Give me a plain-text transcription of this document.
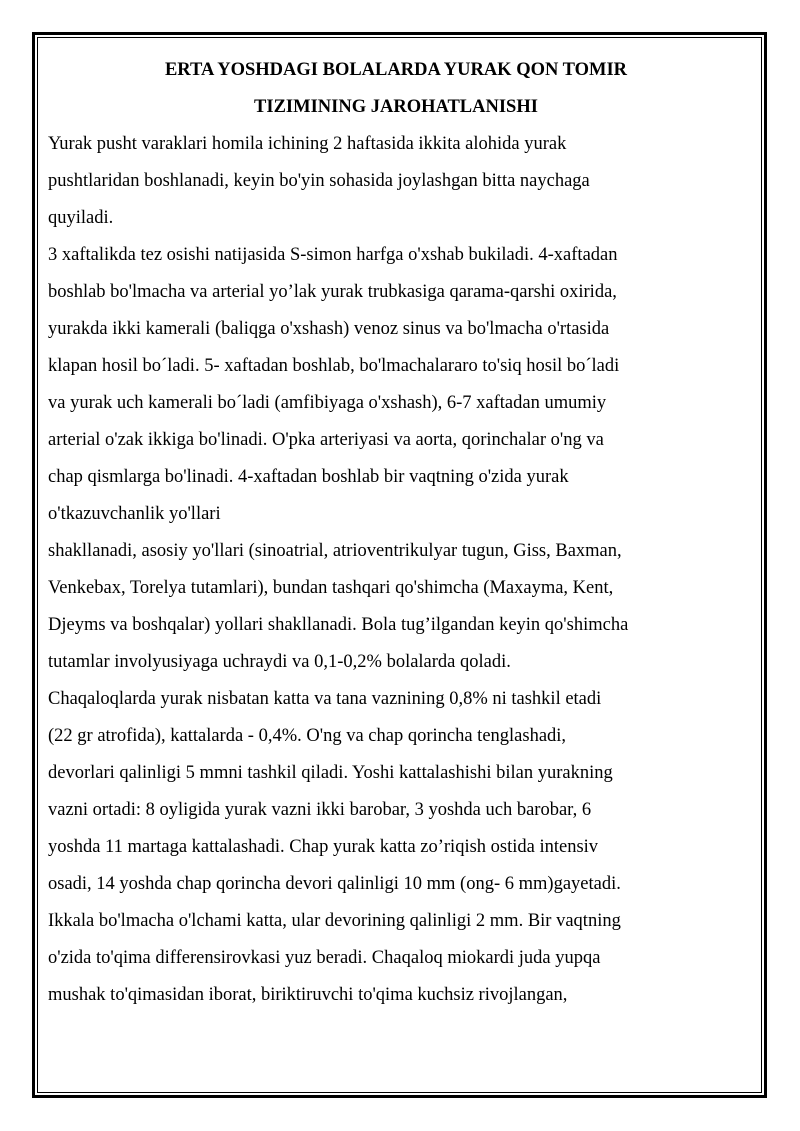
ERTA YOSHDAGI BOLALARDA YURAK QON TOMIR

TIZIMINING JAROHATLANISHI

Yurak pusht varaklari homila ichining 2 haftasida ikkita alohida yurak

pushtlaridan boshlanadi, keyin bo'yin sohasida joylashgan bitta naychaga

quyiladi.

3 xaftalikda tez osishi natijasida S-simon harfga o'xshab bukiladi. 4-xaftadan

boshlab bo'lmacha va arterial yo’lak yurak trubkasiga qarama-qarshi oxirida,

yurakda ikki kamerali (baliqga o'xshash) venoz sinus va bo'lmacha o'rtasida

klapan hosil bo´ladi. 5- xaftadan boshlab, bo'lmachalararo to'siq hosil bo´ladi

va yurak uch kamerali bo´ladi (amfibiyaga o'xshash), 6-7 xaftadan umumiy

arterial o'zak ikkiga bo'linadi. O'pka arteriyasi va aorta, qorinchalar o'ng va

chap qismlarga bo'linadi. 4-xaftadan boshlab bir vaqtning o'zida yurak

o'tkazuvchanlik yo'llari

shakllanadi, asosiy yo'llari (sinoatrial, atrioventrikulyar tugun, Giss, Baxman,

Venkebax, Torelya tutamlari), bundan tashqari qo'shimcha (Maxayma, Kent,

Djeyms va boshqalar) yollari shakllanadi. Bola tug’ilgandan keyin qo'shimcha

tutamlar involyusiyaga uchraydi va 0,1-0,2% bolalarda qoladi.

Chaqaloqlarda yurak nisbatan katta va tana vaznining 0,8% ni tashkil etadi

(22 gr atrofida), kattalarda - 0,4%. O'ng va chap qorincha tenglashadi,

devorlari qalinligi 5 mmni tashkil qiladi. Yoshi kattalashishi bilan yurakning

vazni ortadi: 8 oyligida yurak vazni ikki barobar, 3 yoshda uch barobar, 6

yoshda 11 martaga kattalashadi. Chap yurak katta zo’riqish ostida intensiv

osadi, 14 yoshda chap qorincha devori qalinligi 10 mm (ong- 6 mm)gayetadi.

Ikkala bo'lmacha o'lchami katta, ular devorining qalinligi 2 mm. Bir vaqtning

o'zida to'qima differensirovkasi yuz beradi. Chaqaloq miokardi juda yupqa

mushak to'qimasidan iborat, biriktiruvchi to'qima kuchsiz rivojlangan,
